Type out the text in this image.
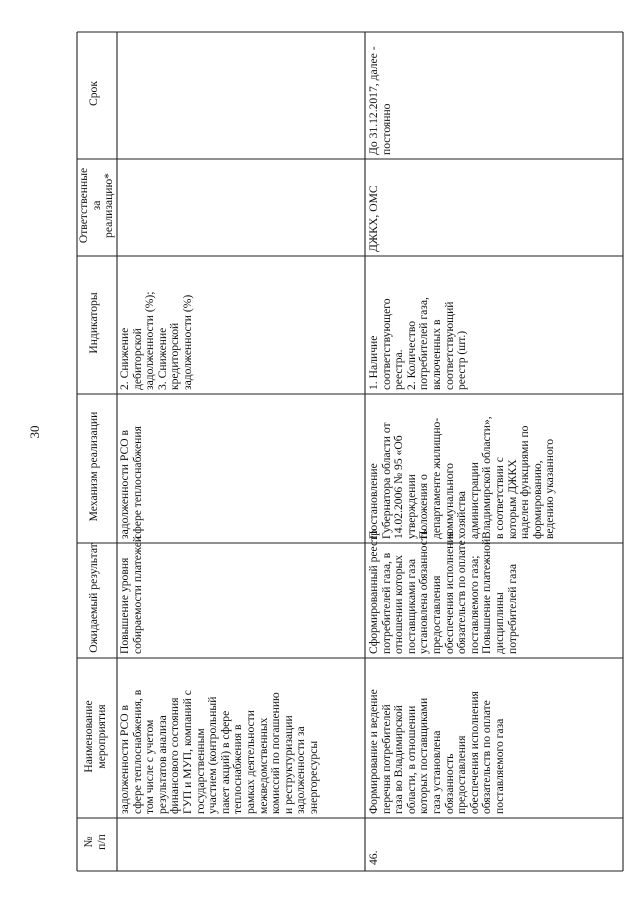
30
№ п/п
Наименование мероприятия
Ожидаемый результат
Механизм реализации
Индикаторы
Ответственные за реализацию*
Срок
задолженности РСО в сфере теплоснабжения, в том числе с учетом результатов анализа финансового состояния ГУП и МУП, компаний с государственным участием (контрольный пакет акций) в сфере теплоснабжения в рамках деятельности межведомственных комиссий по погашению и реструктуризации задолженности за энергоресурсы
Повышение уровня собираемости платежей
задолженности РСО в сфере теплоснабжения
2. Снижение дебиторской задолженности (%); 3. Снижение кредиторской задолженности (%)
46.
Формирование и ведение перечня потребителей газа во Владимирской области, в отношении которых поставщиками газа установлена обязанность предоставления обеспечения исполнения обязательств по оплате поставляемого газа
Сформированный реестр потребителей газа, в отношении которых поставщиками газа установлена обязанность предоставления обеспечения исполнения обязательств по оплате поставляемого газа; Повышение платежной дисциплины потребителей газа
Постановление Губернатора области от 14.02.2006 № 95 «Об утверждении Положения о департаменте жилищно- коммунального хозяйства администрации Владимирской области», в соответствии с которым ДЖКХ наделен функциями по формированию, ведению указанного
1. Наличие соответствующего реестра. 2. Количество потребителей газа, включенных в соответствующий реестр (шт.)
ДЖКХ, ОМС
До 31.12.2017, далее - постоянно
